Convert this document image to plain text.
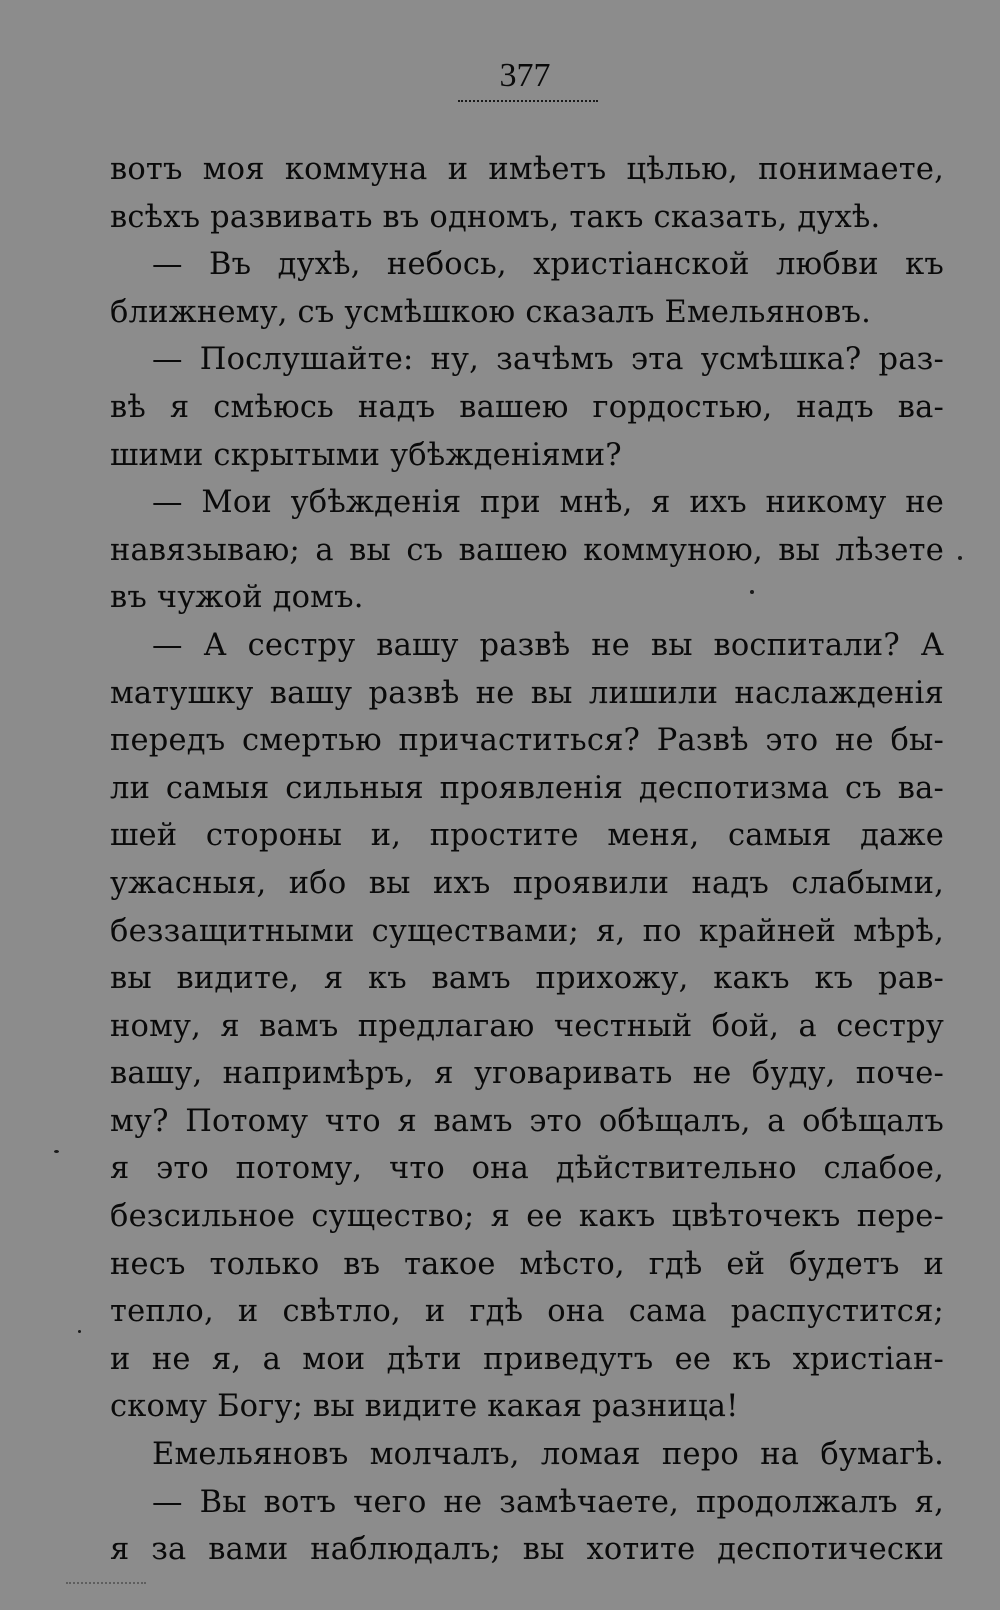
377
вотъ моя коммуна и имѣетъ цѣлью, понимаете,
всѣхъ развивать въ одномъ, такъ сказать, духѣ.
— Въ духѣ, небось, христіанской любви къ
ближнему, съ усмѣшкою сказалъ Емельяновъ.
— Послушайте: ну, зачѣмъ эта усмѣшка? раз-
вѣ я смѣюсь надъ вашею гордостью, надъ ва-
шими скрытыми убѣжденіями?
— Мои убѣжденія при мнѣ, я ихъ никому не
навязываю; а вы съ вашею коммуною, вы лѣзете
въ чужой домъ.
— А сестру вашу развѣ не вы воспитали? А
матушку вашу развѣ не вы лишили наслажденія
передъ смертью причаститься? Развѣ это не бы-
ли самыя сильныя проявленія деспотизма съ ва-
шей стороны и, простите меня, самыя даже
ужасныя, ибо вы ихъ проявили надъ слабыми,
беззащитными существами; я, по крайней мѣрѣ,
вы видите, я къ вамъ прихожу, какъ къ рав-
ному, я вамъ предлагаю честный бой, а сестру
вашу, напримѣръ, я уговаривать не буду, поче-
му? Потому что я вамъ это обѣщалъ, а обѣщалъ
я это потому, что она дѣйствительно слабое,
безсильное существо; я ее какъ цвѣточекъ пере-
несъ только въ такое мѣсто, гдѣ ей будетъ и
тепло, и свѣтло, и гдѣ она сама распустится;
и не я, а мои дѣти приведутъ ее къ христіан-
скому Богу; вы видите какая разница!
Емельяновъ молчалъ, ломая перо на бумагѣ.
— Вы вотъ чего не замѣчаете, продолжалъ я,
я за вами наблюдалъ; вы хотите деспотически
